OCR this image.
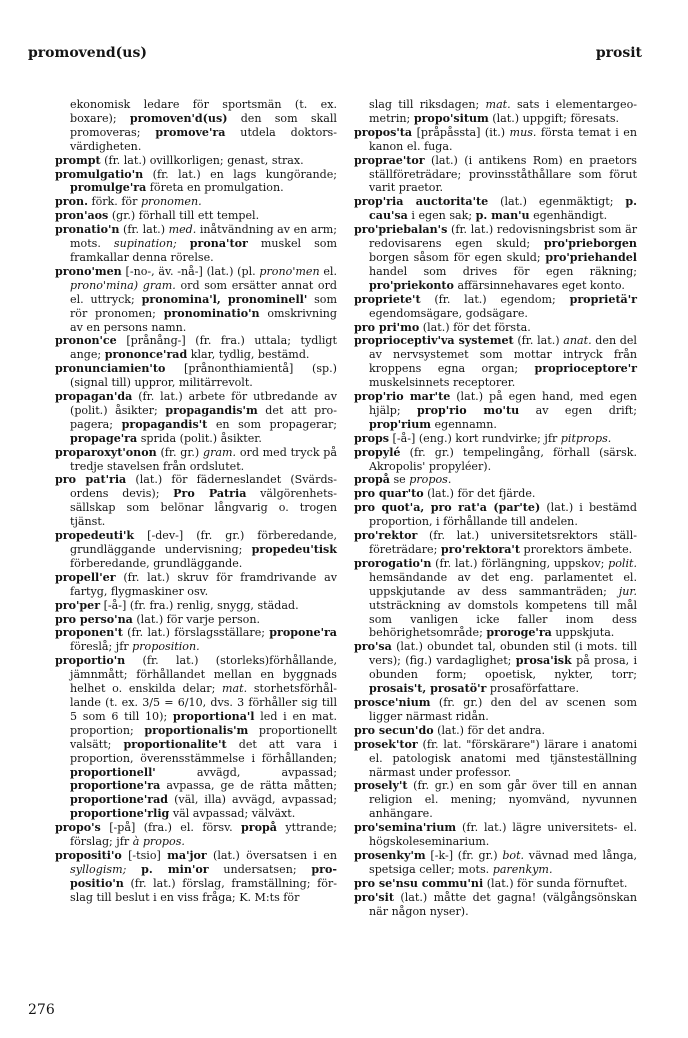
promovend(us)	prosit

ekonomisk ledare för sportsmän (t. ex. boxare); promoven'd(us) den som skall promoveras; promove'ra utdela doktorsvärdigheten.

prompt (fr. lat.) ovillkorligen; genast, strax.

promulgatio'n (fr. lat.) en lags kungörande; promulge'ra företa en promulgation.

pron. förk. för pronomen.

pron'aos (gr.) förhall till ett tempel.

pronatio'n (fr. lat.) med. inåtvändning av en arm; mots. supination; prona'tor muskel som framkallar denna rörelse.

prono'men [-no-, äv. -nå-] (lat.) (pl. prono'men el. prono'mina) gram. ord som ersätter annat ord el. uttryck; pronomina'l, pronominell' som rör pronomen; pronominatio'n omskrivning av en persons namn.

pronon'ce [prånång-] (fr. fra.) uttala; tydligt ange; prononce'rad klar, tydlig, bestämd.

pronunciamien'to [prånonthiamientå] (sp.) (signal till) uppror, militärrevolt.

propagan'da (fr. lat.) arbete för utbredande av (polit.) åsikter; propagandis'm det att propagera; propagandis't en som propagerar; propage'ra sprida (polit.) åsikter.

proparoxyt'onon (fr. gr.) gram. ord med tryck på tredje stavelsen från ordslutet.

pro pat'ria (lat.) för fäderneslandet (Svärdsordens devis); Pro Patria välgörenhetssällskap som belönar långvarig o. trogen tjänst.

propedeuti'k [-dev-] (fr. gr.) förberedande, grundläggande undervisning; propedeu'tisk förberedande, grundläggande.

propell'er (fr. lat.) skruv för framdrivande av fartyg, flygmaskiner osv.

pro'per [-å-] (fr. fra.) renlig, snygg, städad.

pro perso'na (lat.) för varje person.

proponen't (fr. lat.) förslagsställare; propone'ra föreslå; jfr proposition.

proportio'n (fr. lat.) (storleks)förhållande, jämnmått; förhållandet mellan en byggnads helhet o. enskilda delar; mat. storhetsförhållande (t. ex. 3/5 = 6/10, dvs. 3 förhåller sig till 5 som 6 till 10); proportiona'l led i en mat. proportion; proportionalis'm proportionellt valsätt; proportionalite't det att vara i proportion, överensstämmelse i förhållanden; proportionell' avvägd, avpassad; proportione'ra avpassa, ge de rätta måtten; proportione'rad (väl, illa) avvägd, avpassad; proportione'rlig väl avpassad; välväxt.

propo's [-på] (fra.) el. försv. propå yttrande; förslag; jfr à propos.

propositi'o [-tsio] ma'jor (lat.) översatsen i en syllogism; p. min'or undersatsen; propositio'n (fr. lat.) förslag, framställning; förslag till beslut i en viss fråga; K. M:ts för

slag till riksdagen; mat. sats i elementargeometrin; propo'situm (lat.) uppgift; föresats.

propos'ta [pråpåssta] (it.) mus. första temat i en kanon el. fuga.

proprae'tor (lat.) (i antikens Rom) en praetors ställföreträdare; provinsståthållare som förut varit praetor.

prop'ria auctorita'te (lat.) egenmäktigt; p. cau'sa i egen sak; p. man'u egenhändigt.

pro'priebalan's (fr. lat.) redovisningsbrist som är redovisarens egen skuld; pro'prieborgen borgen såsom för egen skuld; pro'priehandel handel som drives för egen räkning; pro'priekonto affärsinnehavares eget konto.

propriete't (fr. lat.) egendom; proprietä'r egendomsägare, godsägare.

pro pri'mo (lat.) för det första.

proprioceptiv'va systemet (fr. lat.) anat. den del av nervsystemet som mottar intryck från kroppens egna organ; proprioceptore'r muskelsinnets receptorer.

prop'rio mar'te (lat.) på egen hand, med egen hjälp; prop'rio mo'tu av egen drift; prop'rium egennamn.

props [-å-] (eng.) kort rundvirke; jfr pitprops.

propylé (fr. gr.) tempelingång, förhall (särsk. Akropolis' propyléer).

propå se propos.

pro quar'to (lat.) för det fjärde.

pro quot'a, pro rat'a (par'te) (lat.) i bestämd proportion, i förhållande till andelen.

pro'rektor (fr. lat.) universitetsrektors ställföreträdare; pro'rektora't prorektors ämbete.

prorogatio'n (fr. lat.) förlängning, uppskov; polit. hemsändande av det eng. parlamentet el. uppskjutande av dess sammanträden; jur. utsträckning av domstols kompetens till mål som vanligen icke faller inom dess behörighetsområde; proroge'ra uppskjuta.

pro'sa (lat.) obundet tal, obunden stil (i mots. till vers); (fig.) vardaglighet; prosa'isk på prosa, i obunden form; opoetisk, nykter, torr; prosais't, prosatö'r prosaförfattare.

prosce'nium (fr. gr.) den del av scenen som ligger närmast ridån.

pro secun'do (lat.) för det andra.

prosek'tor (fr. lat. "förskärare") lärare i anatomi el. patologisk anatomi med tjänsteställning närmast under professor.

prosely't (fr. gr.) en som går över till en annan religion el. mening; nyomvänd, nyvunnen anhängare.

pro'semina'rium (fr. lat.) lägre universitets- el. högskoleseminarium.

prosenky'm [-k-] (fr. gr.) bot. vävnad med långa, spetsiga celler; mots. parenkym.

pro se'nsu commu'ni (lat.) för sunda förnuftet.

pro'sit (lat.) måtte det gagna! (välgångsönskan när någon nyser).

276
